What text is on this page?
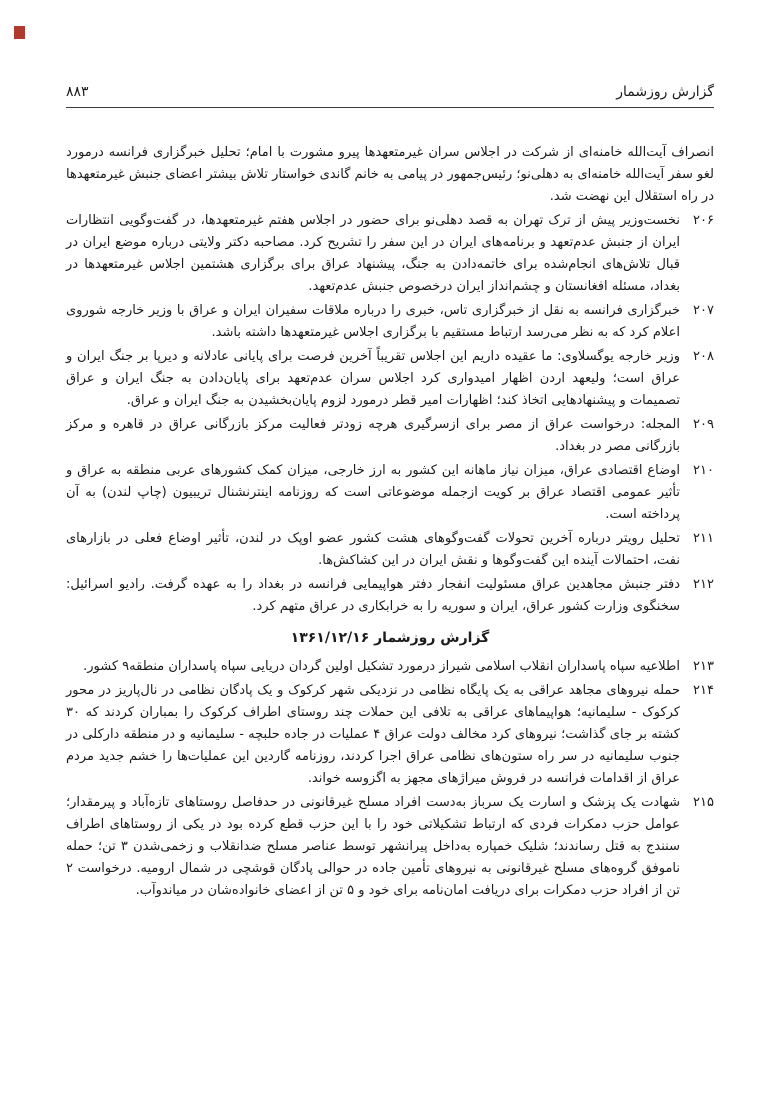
گزارش روزشمار
۸۸۳

انصراف آیت‌الله خامنه‌ای از شرکت در اجلاس سران غیرمتعهدها پیرو مشورت با امام؛ تحلیل خبرگزاری فرانسه درمورد لغو سفر آیت‌الله خامنه‌ای به دهلی‌نو؛ رئیس‌جمهور در پیامی به خانم گاندی خواستار تلاش بیشتر اعضای جنبش غیرمتعهدها در راه استقلال این نهضت شد.

۲۰۶نخست‌وزیر پیش از ترک تهران به قصد دهلی‌نو برای حضور در اجلاس هفتم غیرمتعهدها، در گفت‌وگویی انتظارات ایران از جنبش عدم‌تعهد و برنامه‌های ایران در این سفر را تشریح کرد. مصاحبه دکتر ولایتی درباره موضع ایران در قبال تلاش‌های انجام‌شده برای خاتمه‌دادن به جنگ، پیشنهاد عراق برای برگزاری هشتمین اجلاس غیرمتعهدها در بغداد، مسئله افغانستان و چشم‌انداز ایران درخصوص جنبش عدم‌تعهد.

۲۰۷خبرگزاری فرانسه به نقل از خبرگزاری تاس، خبری را درباره ملاقات سفیران ایران و عراق با وزیر خارجه شوروی اعلام کرد که به نظر می‌رسد ارتباط مستقیم با برگزاری اجلاس غیرمتعهدها داشته باشد.

۲۰۸وزیر خارجه یوگسلاوی: ما عقیده داریم این اجلاس تقریباً آخرین فرصت برای پایانی عادلانه و دیرپا بر جنگ ایران و عراق است؛ ولیعهد اردن اظهار امیدواری کرد اجلاس سران عدم‌تعهد برای پایان‌دادن به جنگ ایران و عراق تصمیمات و پیشنهادهایی اتخاذ کند؛ اظهارات امیر قطر درمورد لزوم پایان‌بخشیدن به جنگ ایران و عراق.

۲۰۹المجله: درخواست عراق از مصر برای ازسرگیری هرچه زودتر فعالیت مرکز بازرگانی عراق در قاهره و مرکز بازرگانی مصر در بغداد.

۲۱۰اوضاع اقتصادی عراق، میزان نیاز ماهانه این کشور به ارز خارجی، میزان کمک کشورهای عربی منطقه به عراق و تأثیر عمومی اقتصاد عراق بر کویت ازجمله موضوعاتی است که روزنامه اینترنشنال تریبیون (چاپ لندن) به آن پرداخته است.

۲۱۱تحلیل رویتر درباره آخرین تحولات گفت‌وگوهای هشت کشور عضو اوپک در لندن، تأثیر اوضاع فعلی در بازارهای نفت، احتمالات آینده این گفت‌وگوها و نقش ایران در این کشاکش‌ها.

۲۱۲دفتر جنبش مجاهدین عراق مسئولیت انفجار دفتر هواپیمایی فرانسه در بغداد را به عهده گرفت. رادیو اسرائیل: سخنگوی وزارت کشور عراق، ایران و سوریه را به خرابکاری در عراق متهم کرد.

گزارش روزشمار ۱۳۶۱/۱۲/۱۶

۲۱۳اطلاعیه سپاه پاسداران انقلاب اسلامی شیراز درمورد تشکیل اولین گردان دریایی سپاه پاسداران منطقه۹ کشور.

۲۱۴حمله نیروهای مجاهد عراقی به یک پایگاه نظامی در نزدیکی شهر کرکوک و یک پادگان نظامی در نال‌پاریز در محور کرکوک - سلیمانیه؛ هواپیماهای عراقی به تلافی این حملات چند روستای اطراف کرکوک را بمباران کردند که ۳۰ کشته بر جای گذاشت؛ نیروهای کرد مخالف دولت عراق ۴ عملیات در جاده حلبچه - سلیمانیه و در منطقه دارکلی در جنوب سلیمانیه در سر راه ستون‌های نظامی عراق اجرا کردند، روزنامه گاردین این عملیات‌ها را خشم جدید مردم عراق از اقدامات فرانسه در فروش میراژهای مجهز به اگزوسه خواند.

۲۱۵شهادت یک پزشک و اسارت یک سرباز به‌دست افراد مسلح غیرقانونی در حدفاصل روستاهای تازه‌آباد و پیرمقدار؛ عوامل حزب دمکرات فردی که ارتباط تشکیلاتی خود را با این حزب قطع کرده بود در یکی از روستاهای اطراف سنندج به قتل رساندند؛ شلیک خمپاره به‌داخل پیرانشهر توسط عناصر مسلح ضدانقلاب و زخمی‌شدن ۳ تن؛ حمله ناموفق گروه‌های مسلح غیرقانونی به نیروهای تأمین جاده در حوالی پادگان قوشچی در شمال ارومیه. درخواست ۲ تن از افراد حزب دمکرات برای دریافت امان‌نامه برای خود و ۵ تن از اعضای خانواده‌شان در میاندوآب.
